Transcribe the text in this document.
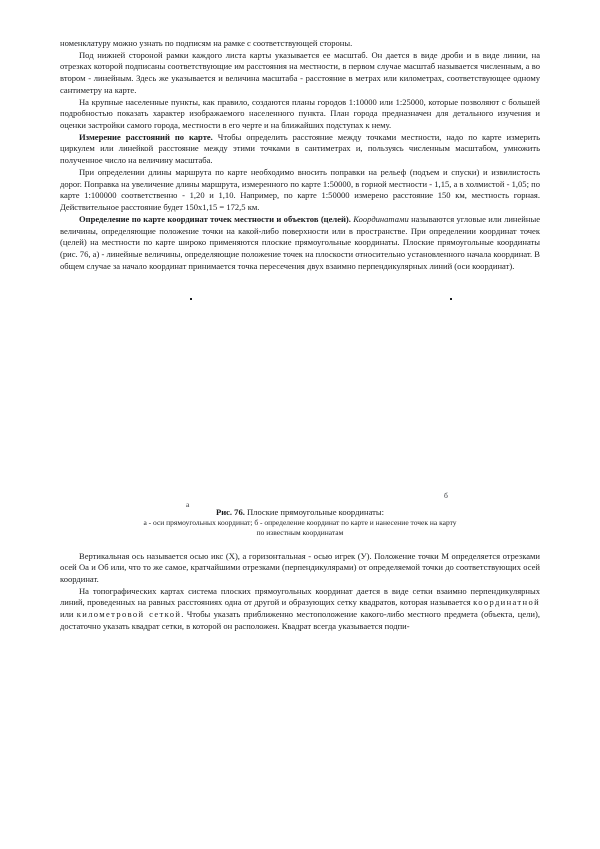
номенклатуру можно узнать по подписям на рамке с соответствующей стороны.

Под нижней стороной рамки каждого листа карты указывается ее масштаб. Он дается в виде дроби и в виде линии, на отрезках которой подписаны соответствующие им расстояния на местности, в первом случае масштаб называется численным, а во втором - линейным. Здесь же указывается и величина масштаба - расстояние в метрах или километрах, соответствующее одному сантиметру на карте.

На крупные населенные пункты, как правило, создаются планы городов 1:10000 или 1:25000, которые позволяют с большей подробностью показать характер изображаемого населенного пункта. План города предназначен для детального изучения и оценки застройки самого города, местности в его черте и на ближайших подступах к нему.

Измерение расстояний по карте. Чтобы определить расстояние между точками местности, надо по карте измерить циркулем или линейкой расстояние между этими точками в сантиметрах и, пользуясь численным масштабом, умножить полученное число на величину масштаба.

При определении длины маршрута по карте необходимо вносить поправки на рельеф (подъем и спуски) и извилистость дорог. Поправка на увеличение длины маршрута, измеренного по карте 1:50000, в горной местности - 1,15, а в холмистой - 1,05; по карте 1:100000 соответственно - 1,20 и 1,10. Например, по карте 1:50000 измерено расстояние 150 км, местность горная. Действительное расстояние будет 150х1,15 = 172,5 км.

Определение по карте координат точек местности и объектов (целей). Координатами называются угловые или линейные величины, определяющие положение точки на какой-либо поверхности или в пространстве. При определении координат точек (целей) на местности по карте широко применяются плоские прямоугольные координаты. Плоские прямоугольные координаты (рис. 76, а) - линейные величины, определяющие положение точек на плоскости относительно установленного начала координат. В общем случае за начало координат принимается точка пересечения двух взаимно перпендикулярных линий (оси координат).

а
б
Рис. 76. Плоские прямоугольные координаты:
а - оси прямоугольных координат; б - определение координат по карте и нанесение точек на карту
по известным координатам

Вертикальная ось называется осью икс (X), а горизонтальная - осью игрек (У). Положение точки М определяется отрезками осей Оа и Об или, что то же самое, кратчайшими отрезками (перпендикулярами) от определяемой точки до соответствующих осей координат.

На топографических картах система плоских прямоугольных координат дается в виде сетки взаимно перпендикулярных линий, проведенных на равных расстояниях одна от другой и образующих сетку квадратов, которая называется координатной или километровой сеткой. Чтобы указать приближенно местоположение какого-либо местного предмета (объекта, цели), достаточно указать квадрат сетки, в которой он расположен. Квадрат всегда указывается подпи-
